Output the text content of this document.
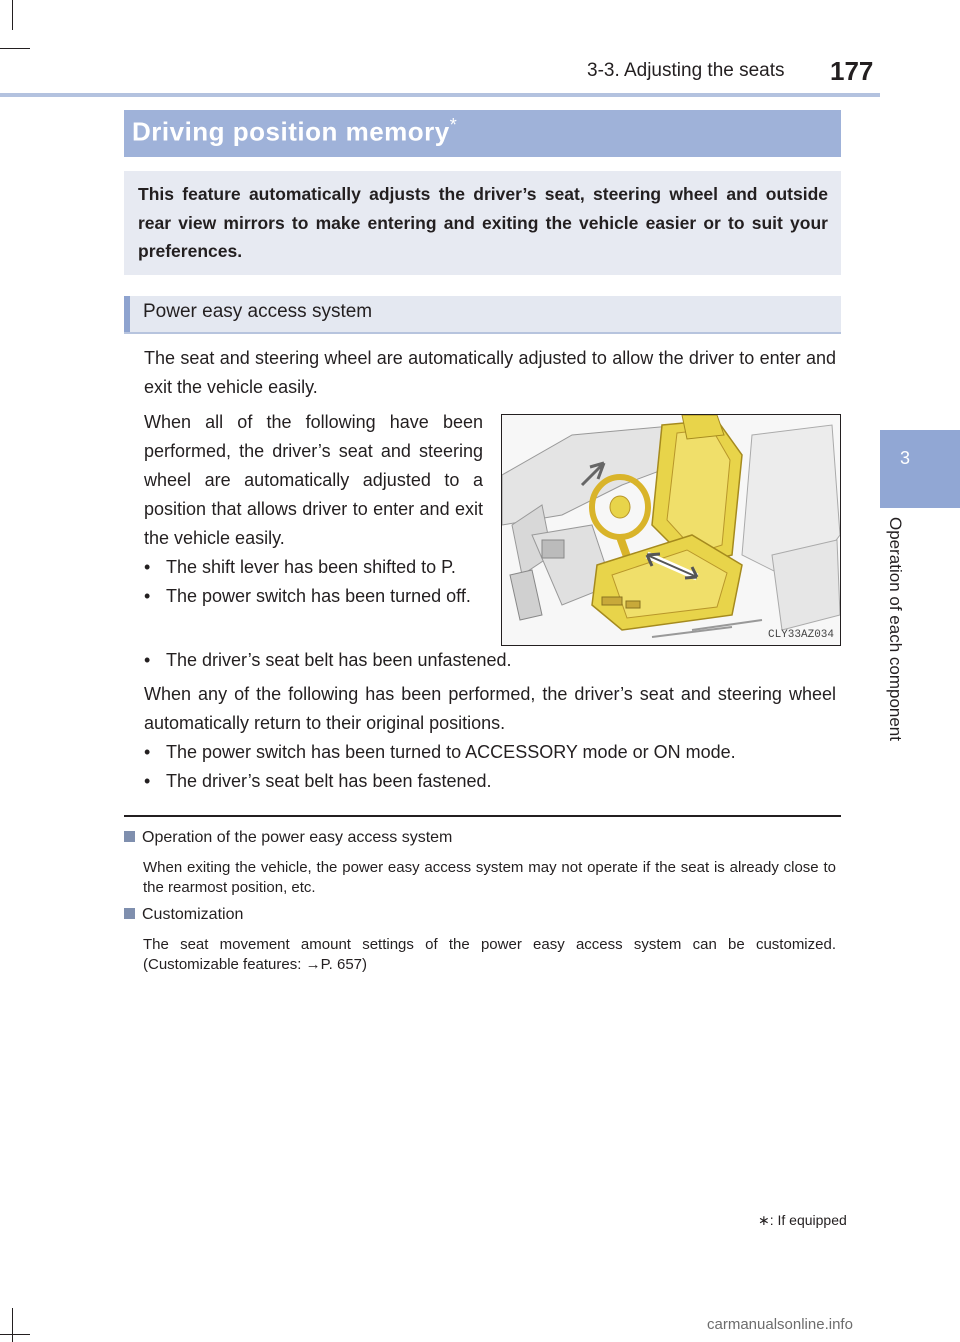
3-3. Adjusting the seats 177
3
Operation of each component
Driving position memory*
This feature automatically adjusts the driver’s seat, steering wheel and outside rear view mirrors to make entering and exiting the vehicle easier or to suit your preferences.
Power easy access system
The seat and steering wheel are automatically adjusted to allow the driver to enter and exit the vehicle easily.
When all of the following have been performed, the driver’s seat and steering wheel are automatically adjusted to a position that allows driver to enter and exit the vehicle easily.
• The shift lever has been shifted to P.
• The power switch has been turned off.
• The driver’s seat belt has been unfastened.
CLY33AZ034
When any of the following has been performed, the driver’s seat and steering wheel automatically return to their original positions.
• The power switch has been turned to ACCESSORY mode or ON mode.
• The driver’s seat belt has been fastened.
Operation of the power easy access system
When exiting the vehicle, the power easy access system may not operate if the seat is already close to the rearmost position, etc.
Customization
The seat movement amount settings of the power easy access system can be customized. (Customizable features: →P. 657)
∗: If equipped
carmanualsonline.info
